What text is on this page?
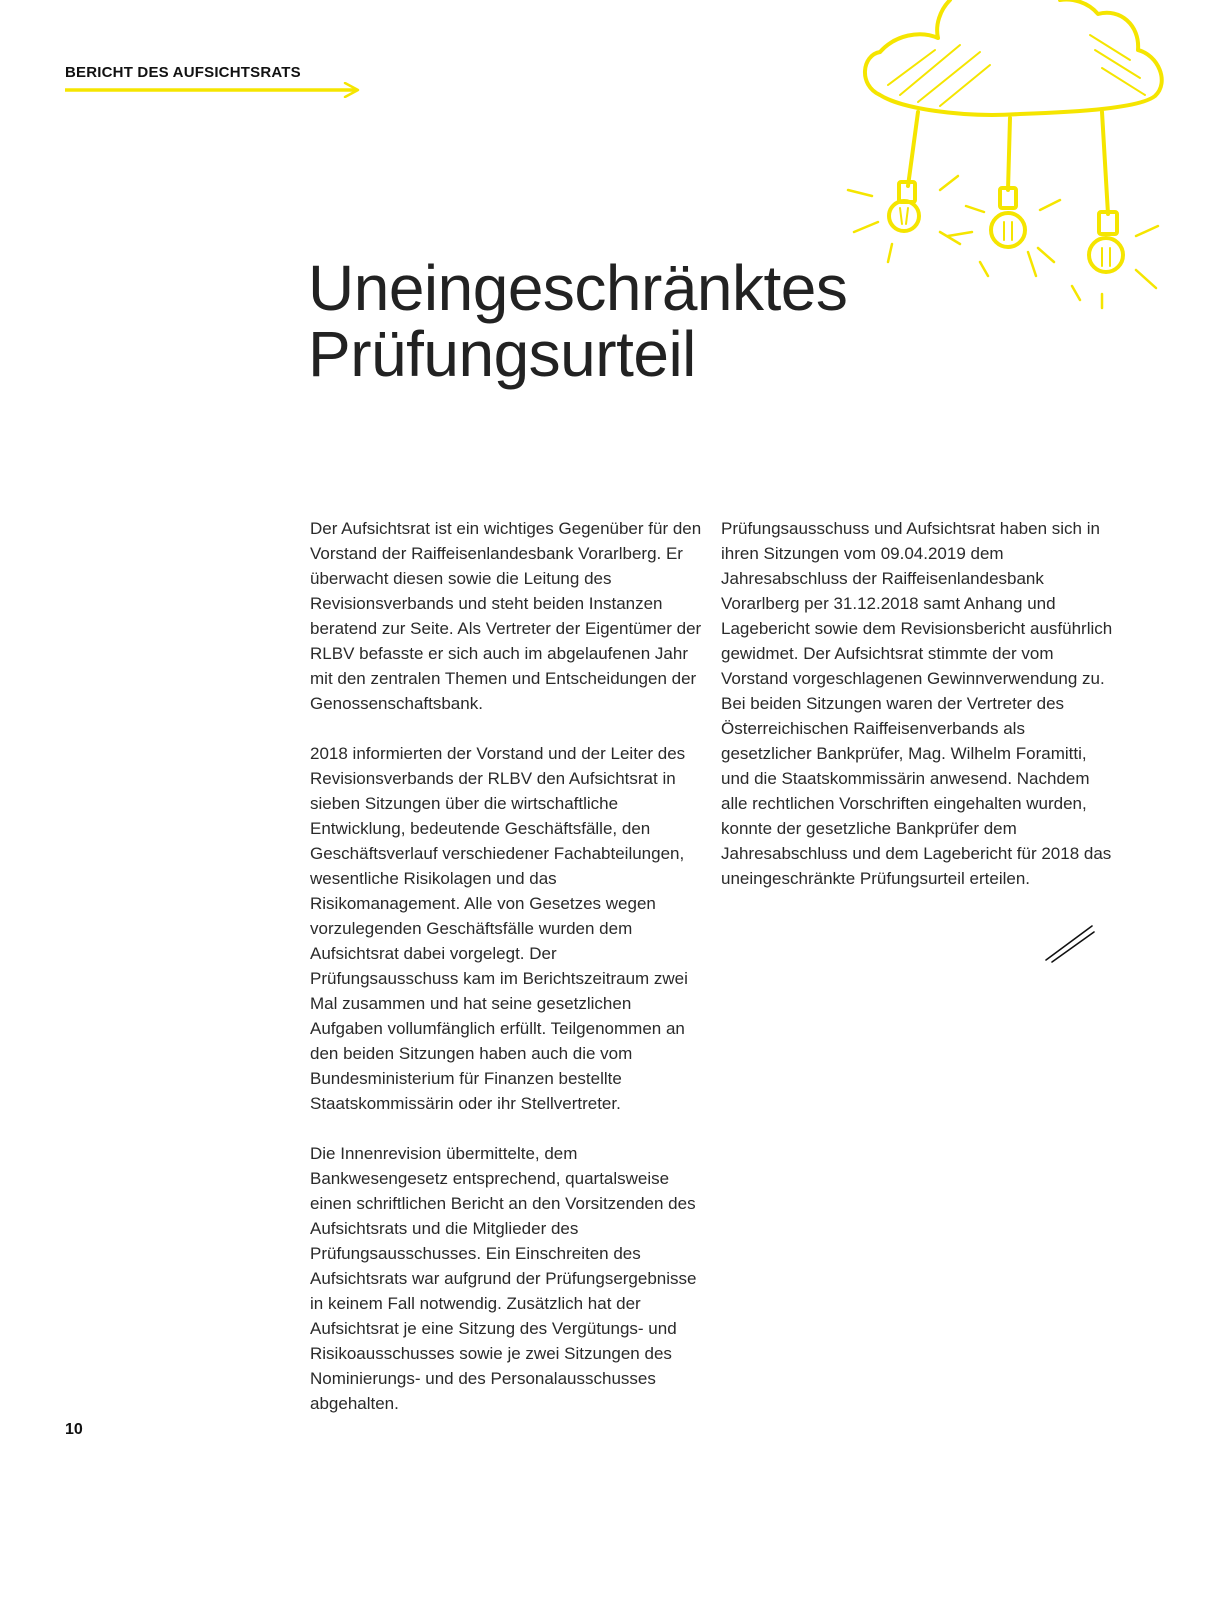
BERICHT DES AUFSICHTSRATS
Uneingeschränktes
Prüfungsurteil

Der Aufsichtsrat ist ein wichtiges Gegenüber für den Vorstand der Raiffeisenlandesbank Vorarlberg. Er überwacht diesen sowie die Leitung des Revisionsverbands und steht beiden Instanzen beratend zur Seite. Als Vertreter der Eigentümer der RLBV befasste er sich auch im abgelaufenen Jahr mit den zentralen Themen und Entscheidungen der Genossenschaftsbank.

2018 informierten der Vorstand und der Leiter des Revisionsverbands der RLBV den Aufsichtsrat in sieben Sitzungen über die wirtschaftliche Entwicklung, bedeutende Geschäftsfälle, den Geschäftsverlauf verschiedener Fachabteilungen, wesentliche Risikolagen und das Risikomanagement. Alle von Gesetzes wegen vorzulegenden Geschäftsfälle wurden dem Aufsichtsrat dabei vorgelegt. Der Prüfungsausschuss kam im Berichtszeitraum zwei Mal zusammen und hat seine gesetzlichen Aufgaben vollumfänglich erfüllt. Teilgenommen an den beiden Sitzungen haben auch die vom Bundesministerium für Finanzen bestellte Staatskommissärin oder ihr Stellvertreter.

Die Innenrevision übermittelte, dem Bankwesengesetz entsprechend, quartalsweise einen schriftlichen Bericht an den Vorsitzenden des Aufsichtsrats und die Mitglieder des Prüfungsausschusses. Ein Einschreiten des Aufsichtsrats war aufgrund der Prüfungsergebnisse in keinem Fall notwendig. Zusätzlich hat der Aufsichtsrat je eine Sitzung des Vergütungs- und Risikoausschusses sowie je zwei Sitzungen des Nominierungs- und des Personalausschusses abgehalten.

Prüfungsausschuss und Aufsichtsrat haben sich in ihren Sitzungen vom 09.04.2019 dem Jahresabschluss der Raiffeisenlandesbank Vorarlberg per 31.12.2018 samt Anhang und Lagebericht sowie dem Revisionsbericht ausführlich gewidmet. Der Aufsichtsrat stimmte der vom Vorstand vorgeschlagenen Gewinnverwendung zu. Bei beiden Sitzungen waren der Vertreter des Österreichischen Raiffeisenverbands als gesetzlicher Bankprüfer, Mag. Wilhelm Foramitti, und die Staatskommissärin anwesend. Nachdem alle rechtlichen Vorschriften eingehalten wurden, konnte der gesetzliche Bankprüfer dem Jahresabschluss und dem Lagebericht für 2018 das uneingeschränkte Prüfungsurteil erteilen.

10
